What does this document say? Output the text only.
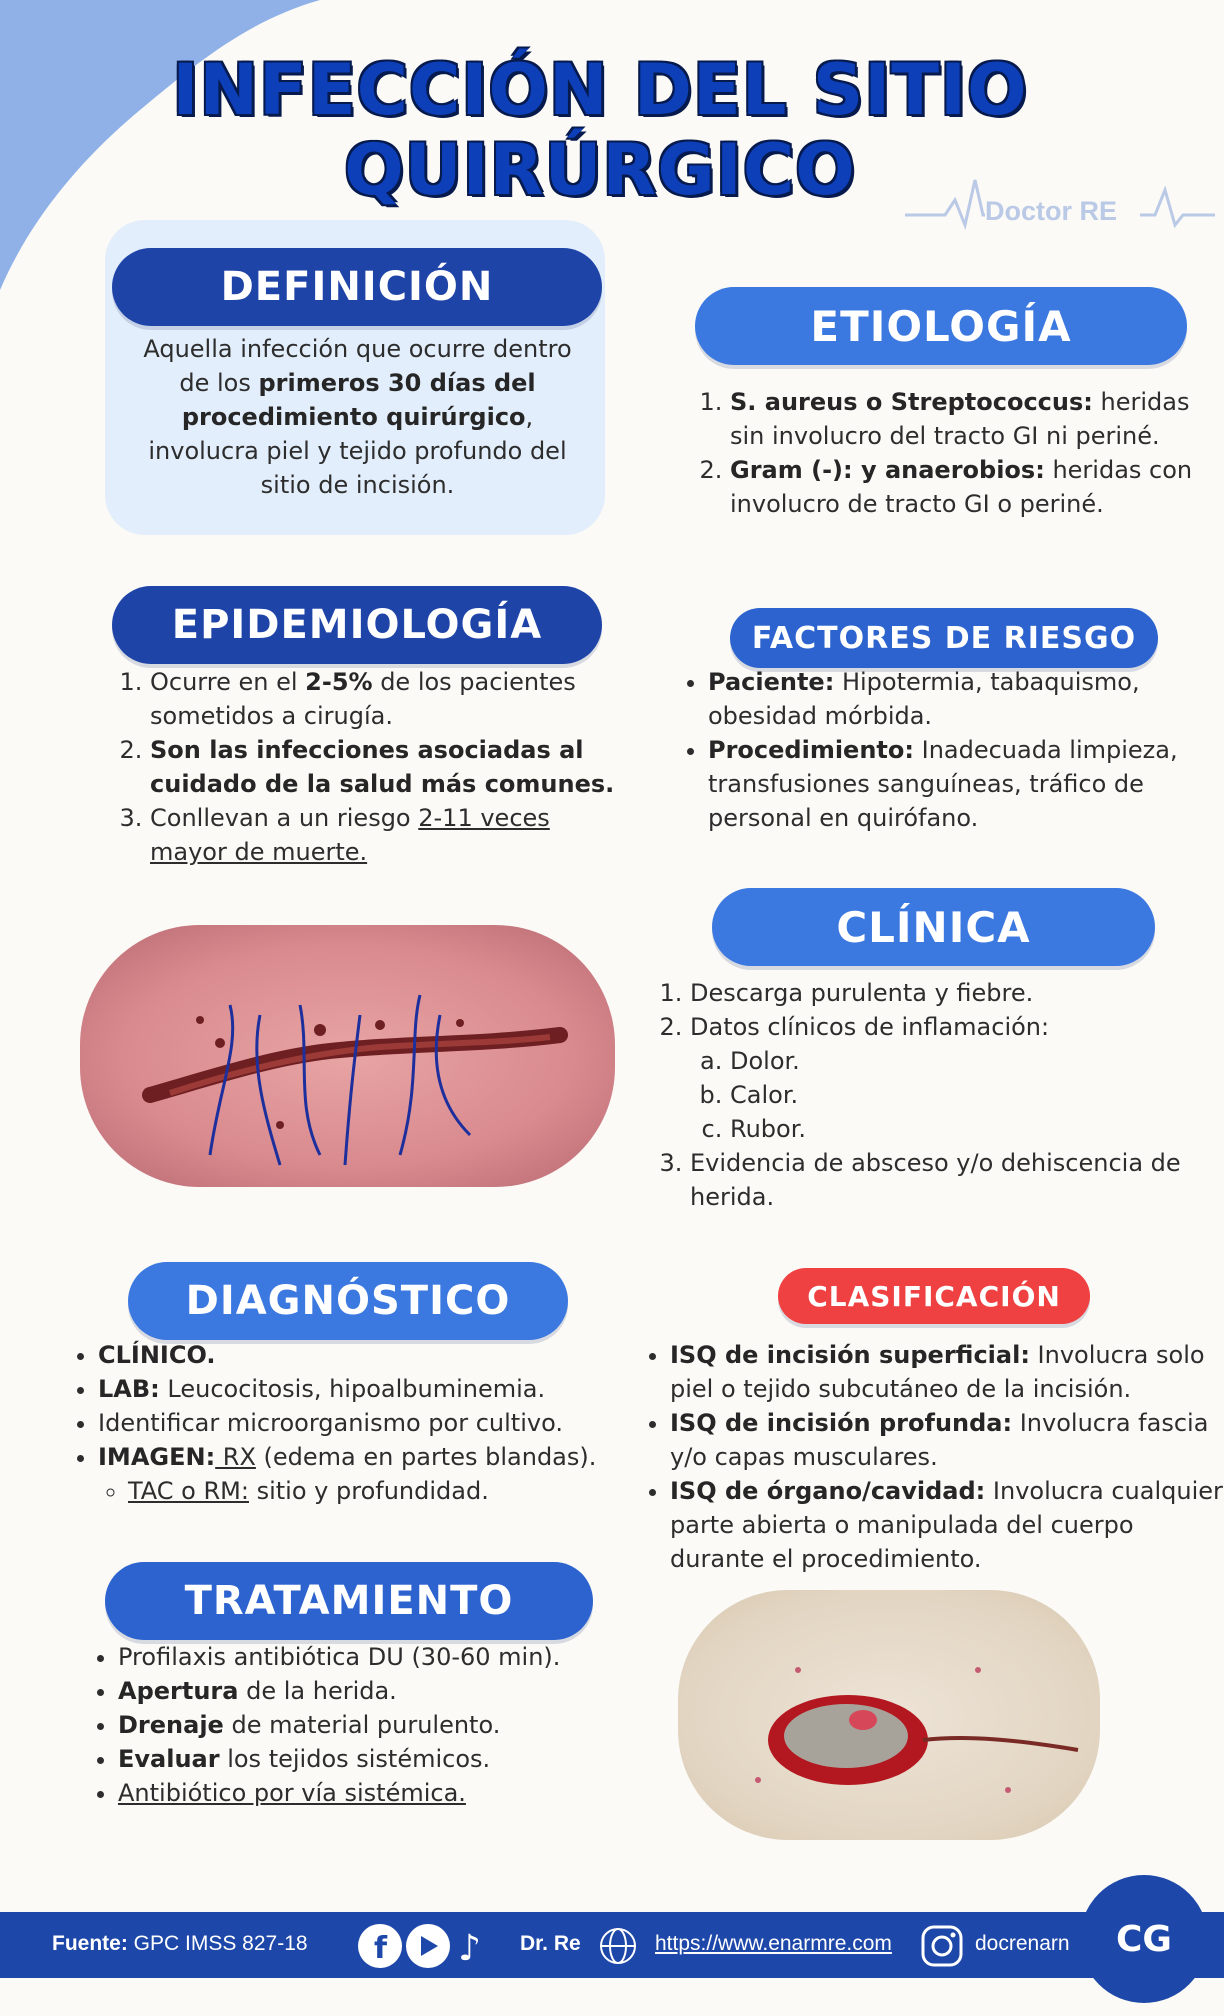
INFECCIÓN DEL SITIO
QUIRÚRGICO	Doctor RE
DEFINICIÓN
Aquella infección que ocurre dentro de los primeros 30 días del procedimiento quirúrgico, involucra piel y tejido profundo del sitio de incisión.
ETIOLOGÍA
1. S. aureus o Streptococcus: heridas sin involucro del tracto GI ni periné.
2. Gram (-): y anaerobios: heridas con involucro de tracto GI o periné.
EPIDEMIOLOGÍA
1. Ocurre en el 2-5% de los pacientes sometidos a cirugía.
2. Son las infecciones asociadas al cuidado de la salud más comunes.
3. Conllevan a un riesgo 2-11 veces mayor de muerte.
FACTORES DE RIESGO
• Paciente: Hipotermia, tabaquismo, obesidad mórbida.
• Procedimiento: Inadecuada limpieza, transfusiones sanguíneas, tráfico de personal en quirófano.
CLÍNICA
1. Descarga purulenta y fiebre.
2. Datos clínicos de inflamación:
a. Dolor.
b. Calor.
c. Rubor.
3. Evidencia de absceso y/o dehiscencia de herida.
DIAGNÓSTICO
• CLÍNICO.
• LAB: Leucocitosis, hipoalbuminemia.
• Identificar microorganismo por cultivo.
• IMAGEN: RX (edema en partes blandas).
◦ TAC o RM: sitio y profundidad.
CLASIFICACIÓN
• ISQ de incisión superficial: Involucra solo piel o tejido subcutáneo de la incisión.
• ISQ de incisión profunda: Involucra fascia y/o capas musculares.
• ISQ de órgano/cavidad: Involucra cualquier parte abierta o manipulada del cuerpo durante el procedimiento.
TRATAMIENTO
• Profilaxis antibiótica DU (30-60 min).
• Apertura de la herida.
• Drenaje de material purulento.
• Evaluar los tejidos sistémicos.
• Antibiótico por vía sistémica.
Fuente: GPC IMSS 827-18 f ♪ Dr. Re	https://www.enarmre.com	docrenarn	CG
